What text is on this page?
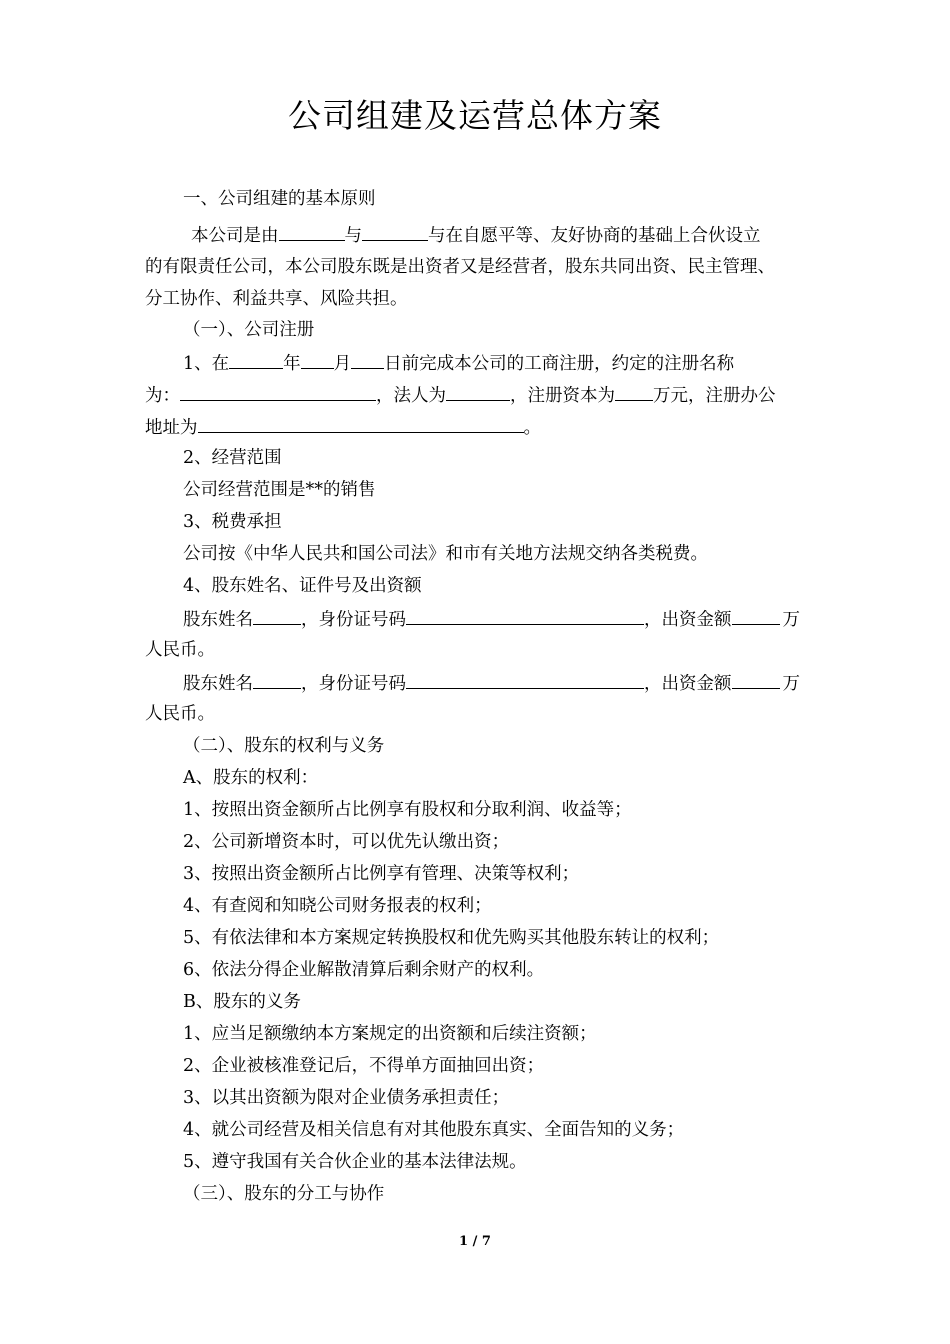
公司组建及运营总体方案
一、公司组建的基本原则
本公司是由	与	与在自愿平等、友好协商的基础上合伙设立
的有限责任公司，本公司股东既是出资者又是经营者，股东共同出资、民主管理、
分工协作、利益共享、风险共担。
（一）、公司注册
1、在	年 月 日前完成本公司的工商注册，约定的注册名称
为：	，法人为	，注册资本为 万元，注册办公
地址为	。
2、经营范围
公司经营范围是**的销售
3、税费承担
公司按《中华人民共和国公司法》和市有关地方法规交纳各类税费。
4、股东姓名、证件号及出资额
股东姓名	，身份证号码	，出资金额	万
人民币。
股东姓名	，身份证号码	，出资金额	万
人民币。
（二）、股东的权利与义务
A、股东的权利：
1、按照出资金额所占比例享有股权和分取利润、收益等；
2、公司新增资本时，可以优先认缴出资；
3、按照出资金额所占比例享有管理、决策等权利；
4、有查阅和知晓公司财务报表的权利；
5、有依法律和本方案规定转换股权和优先购买其他股东转让的权利；
6、依法分得企业解散清算后剩余财产的权利。
B、股东的义务
1、应当足额缴纳本方案规定的出资额和后续注资额；
2、企业被核准登记后，不得单方面抽回出资；
3、以其出资额为限对企业债务承担责任；
4、就公司经营及相关信息有对其他股东真实、全面告知的义务；
5、遵守我国有关合伙企业的基本法律法规。
（三）、股东的分工与协作
1 / 7
